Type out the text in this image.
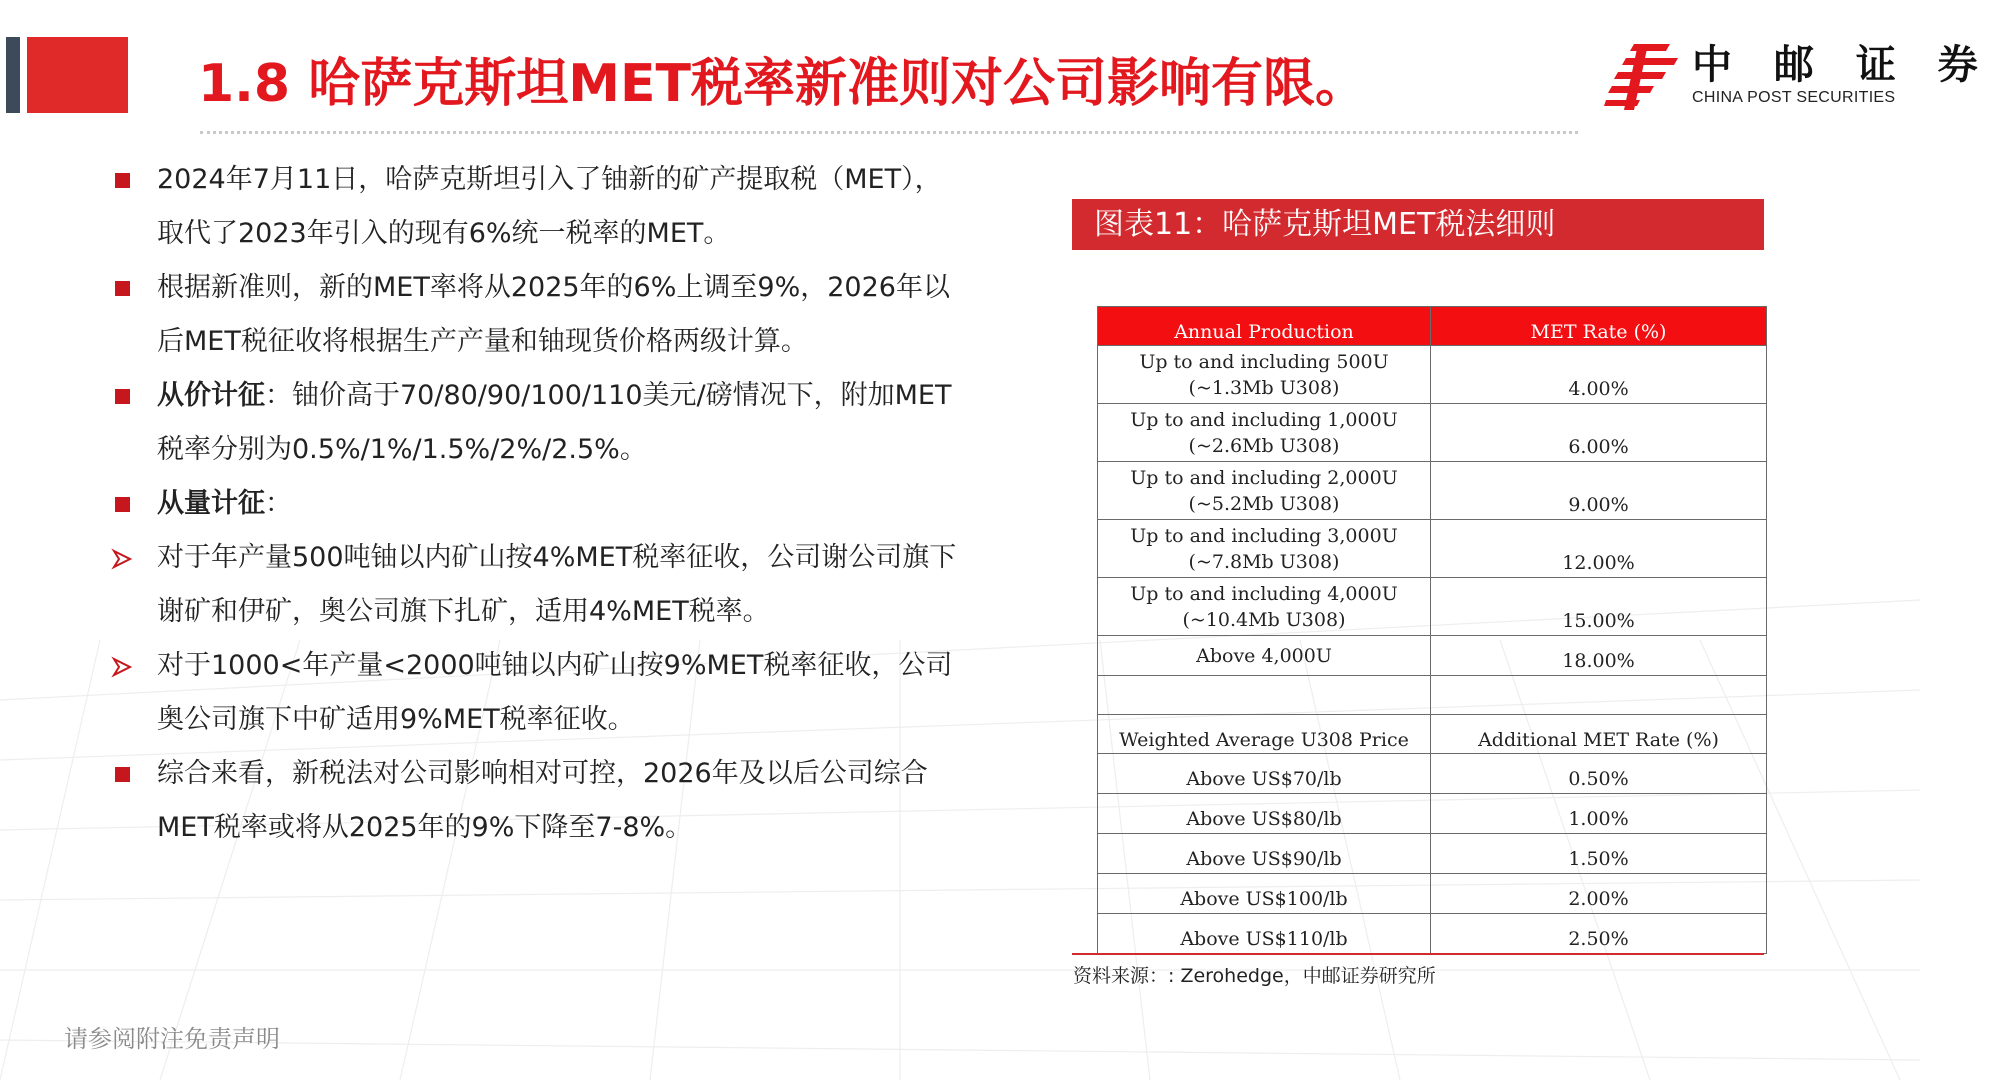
1.8 哈萨克斯坦MET税率新准则对公司影响有限。	中 邮 证 券
CHINA POST SECURITIES
2024年7月11日，哈萨克斯坦引入了铀新的矿产提取税（MET），
取代了2023年引入的现有6%统一税率的MET。
根据新准则，新的MET率将从2025年的6%上调至9%，2026年以
后MET税征收将根据生产产量和铀现货价格两级计算。
从价计征：铀价高于70/80/90/100/110美元/磅情况下，附加MET
税率分别为0.5%/1%/1.5%/2%/2.5%。
从量计征：
对于年产量500吨铀以内矿山按4%MET税率征收，公司谢公司旗下
谢矿和伊矿，奥公司旗下扎矿，适用4%MET税率。
对于1000<年产量<2000吨铀以内矿山按9%MET税率征收，公司
奥公司旗下中矿适用9%MET税率征收。
综合来看，新税法对公司影响相对可控，2026年及以后公司综合
MET税率或将从2025年的9%下降至7-8%。
图表11：哈萨克斯坦MET税法细则
Annual Production	MET Rate (%)

Up to and including 500U
(~1.3Mb U308)	4.00%

Up to and including 1,000U
(~2.6Mb U308)	6.00%

Up to and including 2,000U
(~5.2Mb U308)	9.00%

Up to and including 3,000U
(~7.8Mb U308)	12.00%

Up to and including 4,000U
(~10.4Mb U308)	15.00%

Above 4,000U	18.00%

Weighted Average U308 Price	Additional MET Rate (%)
Above US$70/lb	0.50%
Above US$80/lb	1.00%
Above US$90/lb	1.50%
Above US$100/lb	2.00%
Above US$110/lb	2.50%
资料来源：: Zerohedge，中邮证券研究所
请参阅附注免责声明
